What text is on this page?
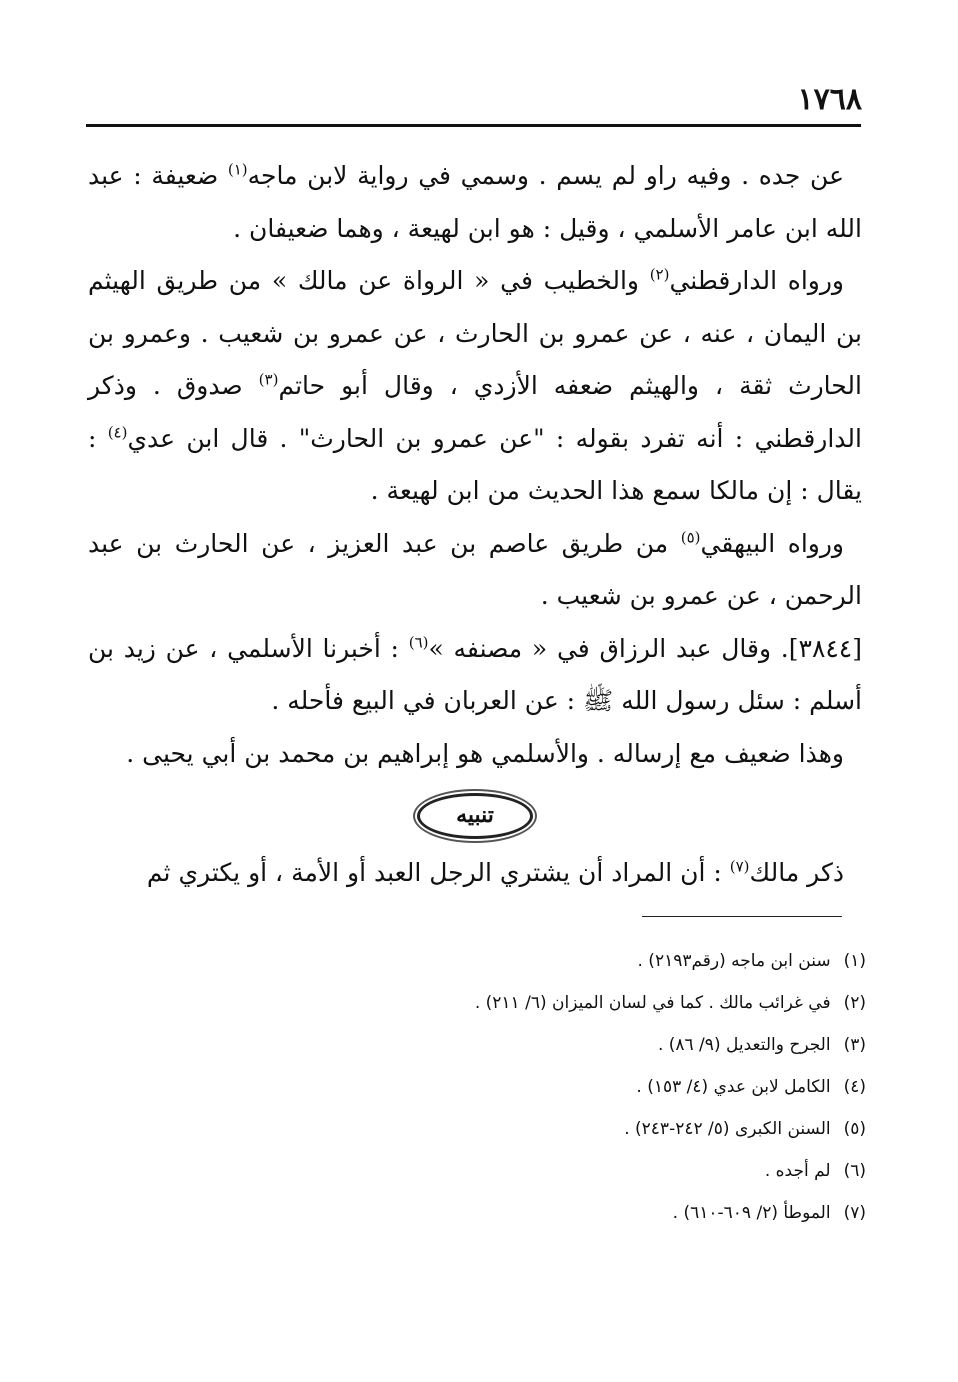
١٧٦٨

عن جده . وفيه راو لم يسم . وسمي في رواية لابن ماجه$^{(١)}$ ضعيفة : عبد الله ابن عامر الأسلمي ، وقيل : هو ابن لهيعة ، وهما ضعيفان .

ورواه الدارقطني$^{(٢)}$ والخطيب في « الرواة عن مالك » من طريق الهيثم بن اليمان ، عنه ، عن عمرو بن الحارث ، عن عمرو بن شعيب . وعمرو بن الحارث ثقة ، والهيثم ضعفه الأزدي ، وقال أبو حاتم$^{(٣)}$ صدوق . وذكر الدارقطني : أنه تفرد بقوله : "عن عمرو بن الحارث" . قال ابن عدي$^{(٤)}$ : يقال : إن مالكا سمع هذا الحديث من ابن لهيعة .

ورواه البيهقي$^{(٥)}$ من طريق عاصم بن عبد العزيز ، عن الحارث بن عبد الرحمن ، عن عمرو بن شعيب .

[٣٨٤٤]. وقال عبد الرزاق في « مصنفه »$^{(٦)}$ : أخبرنا الأسلمي ، عن زيد بن أسلم : سئل رسول الله ﷺ : عن العربان في البيع فأحله .

وهذا ضعيف مع إرساله . والأسلمي هو إبراهيم بن محمد بن أبي يحيى .

تنبيه

ذكر مالك$^{(٧)}$ : أن المراد أن يشتري الرجل العبد أو الأمة ، أو يكتري ثم

(١) سنن ابن ماجه (رقم٢١٩٣) .
(٢) في غرائب مالك . كما في لسان الميزان (٦/ ٢١١) .
(٣) الجرح والتعديل (٩/ ٨٦) .
(٤) الكامل لابن عدي (٤/ ١٥٣) .
(٥) السنن الكبرى (٥/ ٢٤٢-٢٤٣) .
(٦) لم أجده .
(٧) الموطأ (٢/ ٦٠٩-٦١٠) .
